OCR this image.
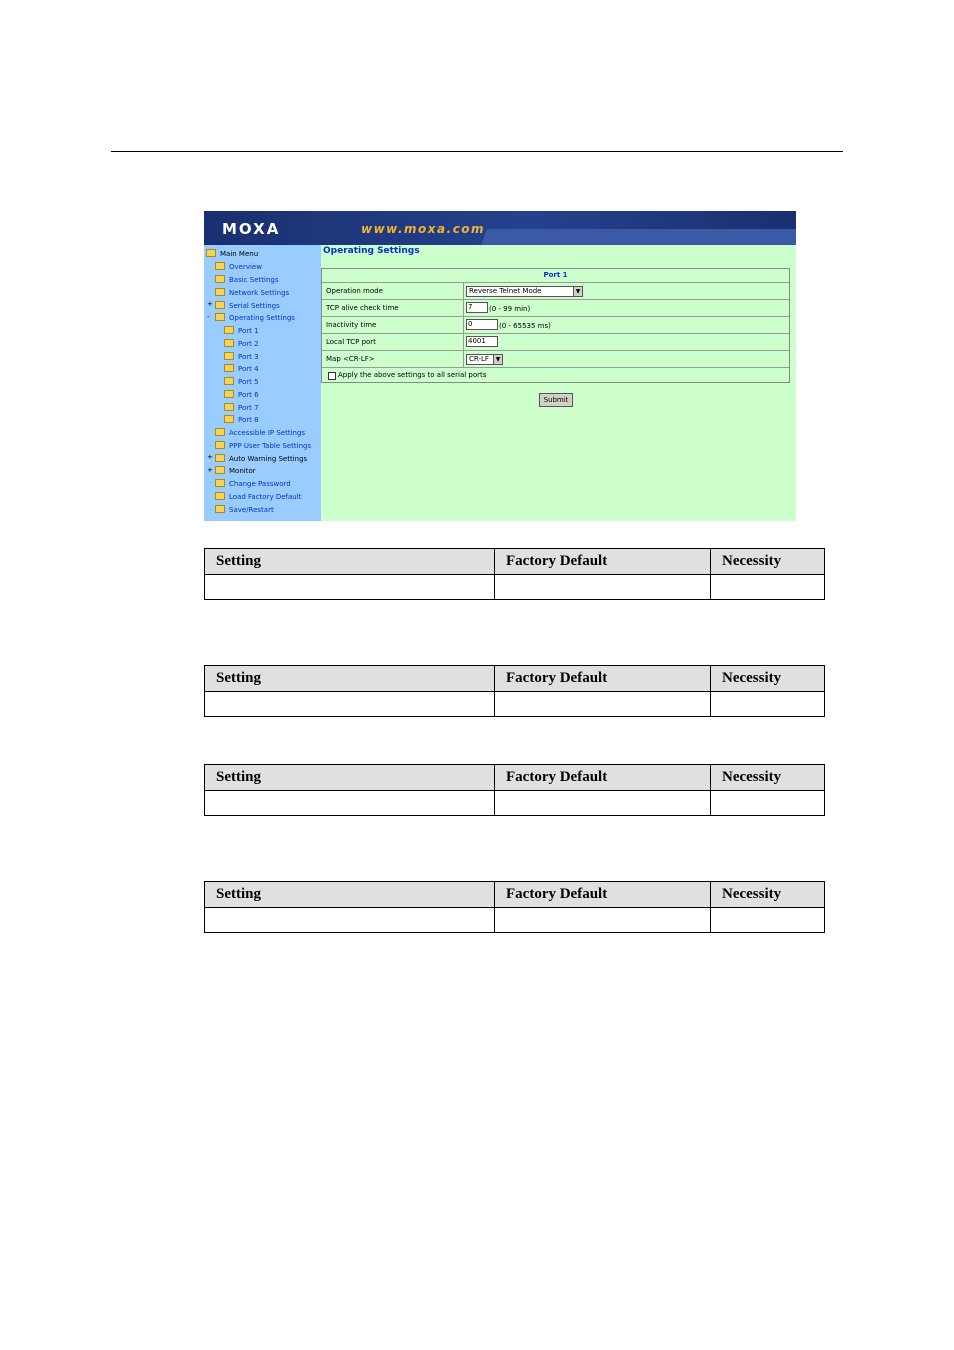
MOXA	www.moxa.com
Main Menu
Overview
Basic Settings
Network Settings
+	Serial Settings
-	Operating Settings
Port 1
Port 2
Port 3
Port 4
Port 5
Port 6
Port 7
Port 8
Accessible IP Settings
PPP User Table Settings
+	Auto Warning Settings
+	Monitor
Change Password
Load Factory Default
Save/Restart
Operating Settings
Port 1
Operation mode	Reverse Telnet Mode	▼
TCP alive check time	7	(0 - 99 min)
Inactivity time	0	(0 - 65535 ms)
Local TCP port	4001
Map <CR-LF>	CR-LF	▼
Apply the above settings to all serial ports
Submit
Setting	Factory Default	Necessity

Setting	Factory Default	Necessity

Setting	Factory Default	Necessity

Setting	Factory Default	Necessity
